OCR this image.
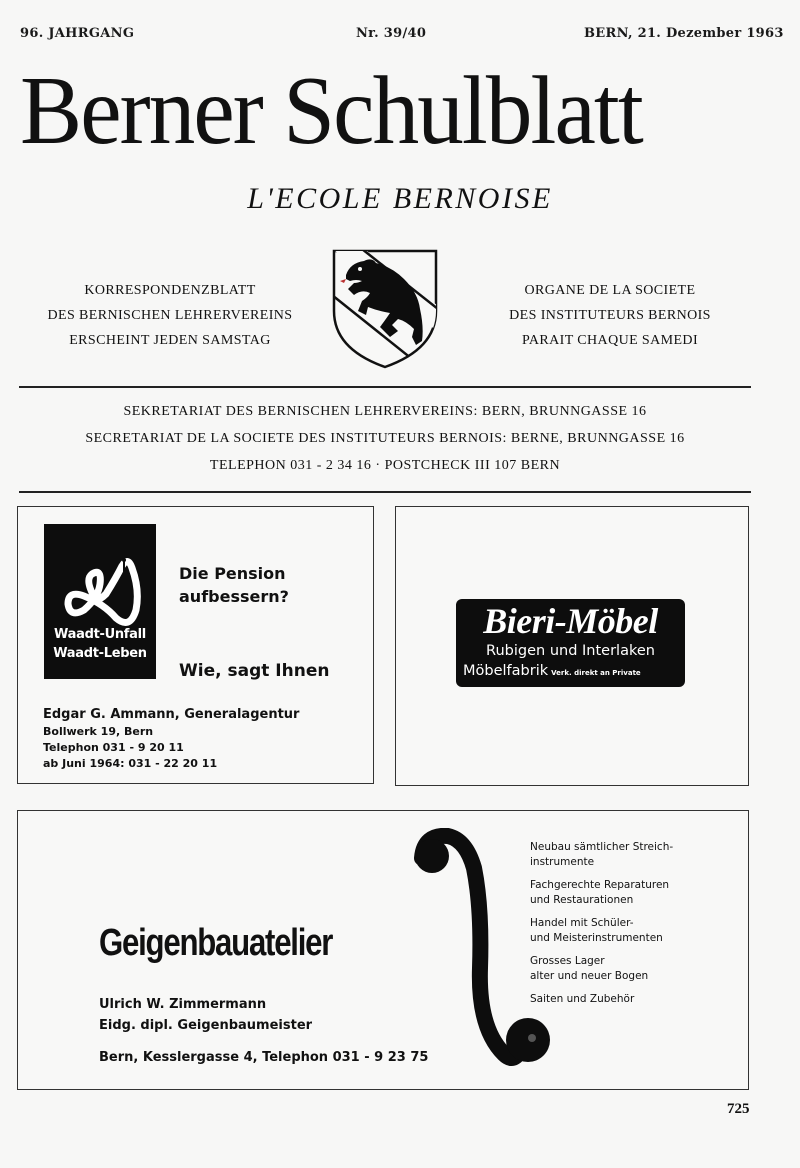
96. JAHRGANG	Nr. 39/40	BERN, 21. Dezember 1963
Berner Schulblatt
L'ECOLE BERNOISE
KORRESPONDENZBLATT
DES BERNISCHEN LEHRERVEREINS
ERSCHEINT JEDEN SAMSTAG
ORGANE DE LA SOCIETE
DES INSTITUTEURS BERNOIS
PARAIT CHAQUE SAMEDI
SEKRETARIAT DES BERNISCHEN LEHRERVEREINS: BERN, BRUNNGASSE 16
SECRETARIAT DE LA SOCIETE DES INSTITUTEURS BERNOIS: BERNE, BRUNNGASSE 16
TELEPHON 031 - 2 34 16 · POSTCHECK III 107 BERN
Waadt-Unfall
Waadt-Leben
Die Pension
aufbessern?
Wie, sagt Ihnen
Edgar G. Ammann, Generalagentur
Bollwerk 19, Bern
Telephon 031 - 9 20 11
ab Juni 1964: 031 - 22 20 11
Bieri-Möbel
Rubigen und Interlaken
Möbelfabrik Verk. direkt an Private
Geigenbauatelier
Ulrich W. Zimmermann
Eidg. dipl. Geigenbaumeister
Bern, Kesslergasse 4, Telephon 031 - 9 23 75
Neubau sämtlicher Streich-
instrumente
Fachgerechte Reparaturen
und Restaurationen
Handel mit Schüler-
und Meisterinstrumenten
Grosses Lager
alter und neuer Bogen
Saiten und Zubehör
725
